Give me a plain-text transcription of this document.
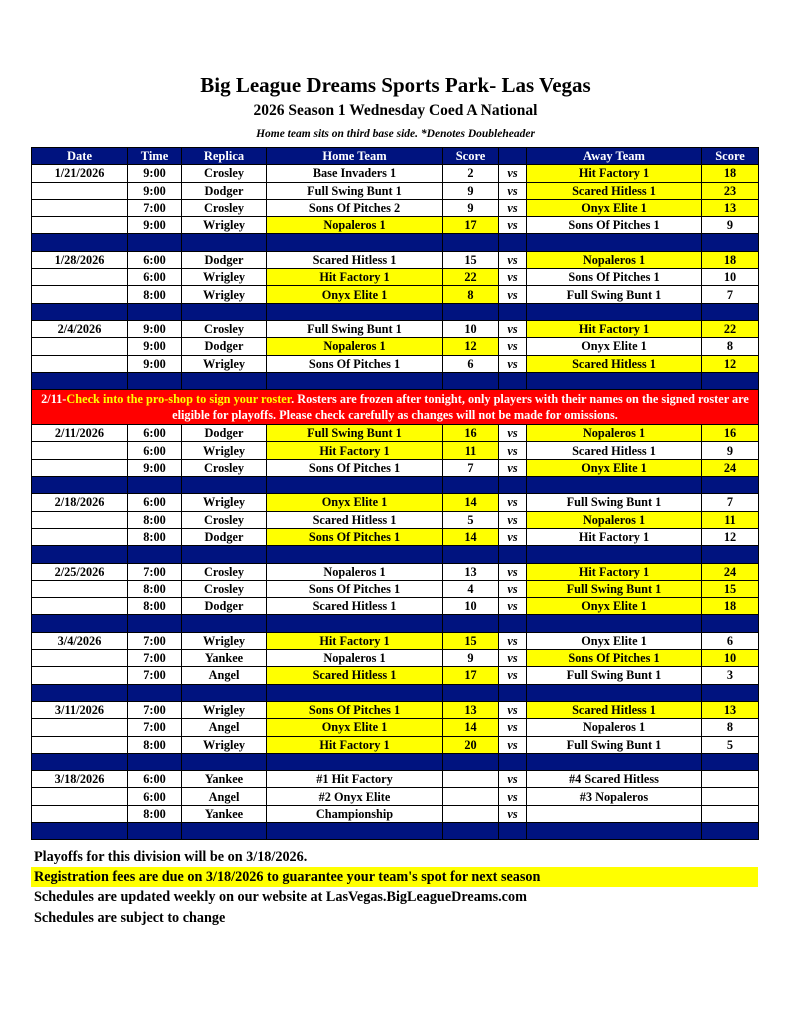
Big League Dreams Sports Park- Las Vegas
2026 Season 1 Wednesday Coed A National
Home team sits on third base side. *Denotes Doubleheader
Date	Time	Replica	Home Team	Score		Away Team	Score
1/21/2026	9:00	Crosley	Base Invaders 1	2	vs	Hit Factory 1	18
	9:00	Dodger	Full Swing Bunt 1	9	vs	Scared Hitless 1	23
	7:00	Crosley	Sons Of Pitches 2	9	vs	Onyx Elite 1	13
	9:00	Wrigley	Nopaleros 1	17	vs	Sons Of Pitches 1	9

1/28/2026	6:00	Dodger	Scared Hitless 1	15	vs	Nopaleros 1	18
	6:00	Wrigley	Hit Factory 1	22	vs	Sons Of Pitches 1	10
	8:00	Wrigley	Onyx Elite 1	8	vs	Full Swing Bunt 1	7

2/4/2026	9:00	Crosley	Full Swing Bunt 1	10	vs	Hit Factory 1	22
	9:00	Dodger	Nopaleros 1	12	vs	Onyx Elite 1	8
	9:00	Wrigley	Sons Of Pitches 1	6	vs	Scared Hitless 1	12

2/11-Check into the pro-shop to sign your roster. Rosters are frozen after tonight, only players with their names on the signed roster are eligible for playoffs. Please check carefully as changes will not be made for omissions.							
2/11/2026	6:00	Dodger	Full Swing Bunt 1	16	vs	Nopaleros 1	16
	6:00	Wrigley	Hit Factory 1	11	vs	Scared Hitless 1	9
	9:00	Crosley	Sons Of Pitches 1	7	vs	Onyx Elite 1	24

2/18/2026	6:00	Wrigley	Onyx Elite 1	14	vs	Full Swing Bunt 1	7
	8:00	Crosley	Scared Hitless 1	5	vs	Nopaleros 1	11
	8:00	Dodger	Sons Of Pitches 1	14	vs	Hit Factory 1	12

2/25/2026	7:00	Crosley	Nopaleros 1	13	vs	Hit Factory 1	24
	8:00	Crosley	Sons Of Pitches 1	4	vs	Full Swing Bunt 1	15
	8:00	Dodger	Scared Hitless 1	10	vs	Onyx Elite 1	18

3/4/2026	7:00	Wrigley	Hit Factory 1	15	vs	Onyx Elite 1	6
	7:00	Yankee	Nopaleros 1	9	vs	Sons Of Pitches 1	10
	7:00	Angel	Scared Hitless 1	17	vs	Full Swing Bunt 1	3

3/11/2026	7:00	Wrigley	Sons Of Pitches 1	13	vs	Scared Hitless 1	13
	7:00	Angel	Onyx Elite 1	14	vs	Nopaleros 1	8
	8:00	Wrigley	Hit Factory 1	20	vs	Full Swing Bunt 1	5

3/18/2026	6:00	Yankee	#1 Hit Factory		vs	#4 Scared Hitless	
	6:00	Angel	#2 Onyx Elite		vs	#3 Nopaleros	
	8:00	Yankee	Championship		vs		

Playoffs for this division will be on 3/18/2026.
Registration fees are due on 3/18/2026 to guarantee your team's spot for next season
Schedules are updated weekly on our website at LasVegas.BigLeagueDreams.com
Schedules are subject to change
